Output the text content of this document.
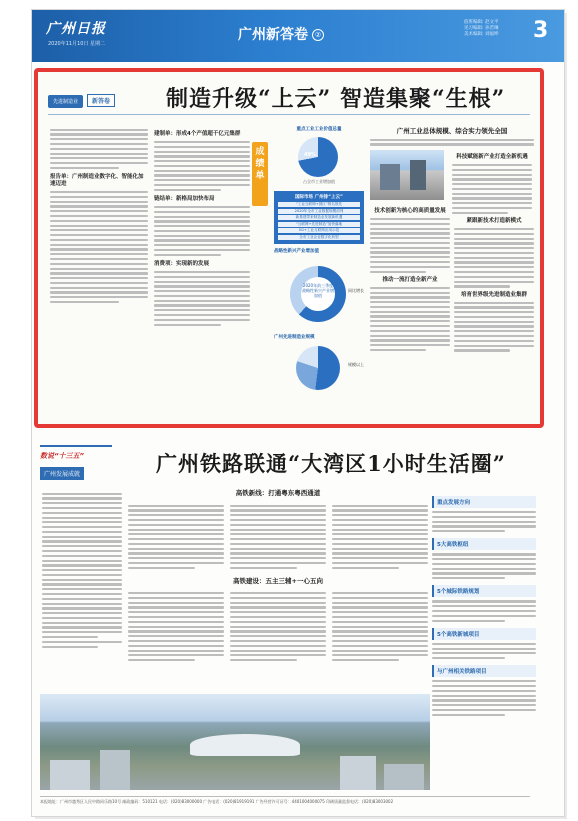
广州日报
2020年11月10日 星期二
广州新答卷 ②
值班编辑: 赵文平
见习编辑: 孙若琳
美术编辑: 刘福坤 3
先进制造业 新答卷	制造升级“上云” 智造集聚“生根”
报告单：广州制造业数字化、智能化加速迈进
建制单：形成4个产值超千亿元集群
链结单：新格局加快布局
消费项：实现新的发展
成绩单
重点工业工业价值总量
49%
占全市工业增加值
国际市场 广州排“上云”
“工业互联网+园区”排名领先
2020年全市工业数据规模前列
新基建带来制造业发展新机遇
“互联网+先进制造”加快落地
5G+工业互联网应用示范
全市工业企业数字化转型
战略性新兴产业增加值
2020年前三季度战略性新兴产业增加值
同比增长
广州先进制造业规模
规模以上
广州工业总体规模、综合实力领先全国
科技赋能新产业打造全新机遇
技术创新为核心的高质量发展
推动一流打造全新产业
紧跟新技术打造新模式
培育世界级先进制造业集群
数说“十三五”
广州发展成就	广州铁路联通“大湾区1小时生活圈”
高铁新线：打通粤东粤西通道
高铁建设：五主三辅+一心五向
重点发展方向
5大高铁枢纽
5个城际铁路规划
5个高铁新城项目
与广州相关铁路项目
本报地址：广州市越秀区人民中路同乐路10号 邮政编码：510121 电话：(020)83000000 广告电话：(020)81919191 广告经营许可证号：4401004000075 印刷质量监督电话：(020)83003002
